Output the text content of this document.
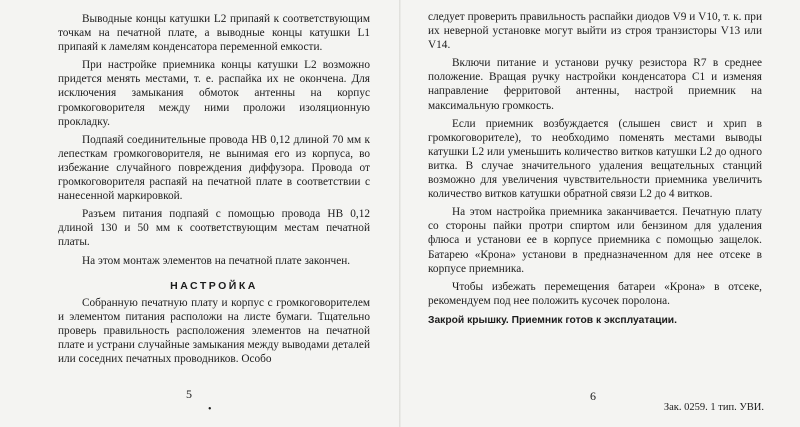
Выводные концы катушки L2 припаяй к соответствующим точкам на печатной плате, а выводные концы катушки L1 припаяй к ламелям конденсатора переменной емкости.

При настройке приемника концы катушки L2 возможно придется менять местами, т. е. распайка их не окончена. Для исключения замыкания обмоток антенны на корпус громкоговорителя между ними проложи изоляционную прокладку.

Подпаяй соединительные провода НВ 0,12 длиной 70 мм к лепесткам громкоговорителя, не вынимая его из корпуса, во избежание случайного повреждения диффузора. Провода от громкоговорителя распаяй на печатной плате в соответствии с нанесенной маркировкой.

Разъем питания подпаяй с помощью провода НВ 0,12 длиной 130 и 50 мм к соответствующим местам печатной платы.

На этом монтаж элементов на печатной плате закончен.

НАСТРОЙКА

Собранную печатную плату и корпус с громкоговорителем и элементом питания расположи на листе бумаги. Тщательно проверь правильность расположения элементов на печатной плате и устрани случайные замыкания между выводами деталей или соседних печатных проводников. Особо

5
•

следует проверить правильность распайки диодов V9 и V10, т. к. при их неверной установке могут выйти из строя транзисторы V13 или V14.

Включи питание и установи ручку резистора R7 в среднее положение. Вращая ручку настройки конденсатора C1 и изменяя направление ферритовой антенны, настрой приемник на максимальную громкость.

Если приемник возбуждается (слышен свист и хрип в громкоговорителе), то необходимо поменять местами выводы катушки L2 или уменьшить количество витков катушки L2 до одного витка. В случае значительного удаления вещательных станций возможно для увеличения чувствительности приемника увеличить количество витков катушки обратной связи L2 до 4 витков.

На этом настройка приемника заканчивается. Печатную плату со стороны пайки протри спиртом или бензином для удаления флюса и установи ее в корпусе приемника с помощью защелок. Батарею «Крона» установи в предназначенном для нее отсеке в корпусе приемника.

Чтобы избежать перемещения батареи «Крона» в отсеке, рекомендуем под нее положить кусочек поролона.

Закрой крышку. Приемник готов к эксплуатации.

6
Зак. 0259. 1 тип. УВИ.
